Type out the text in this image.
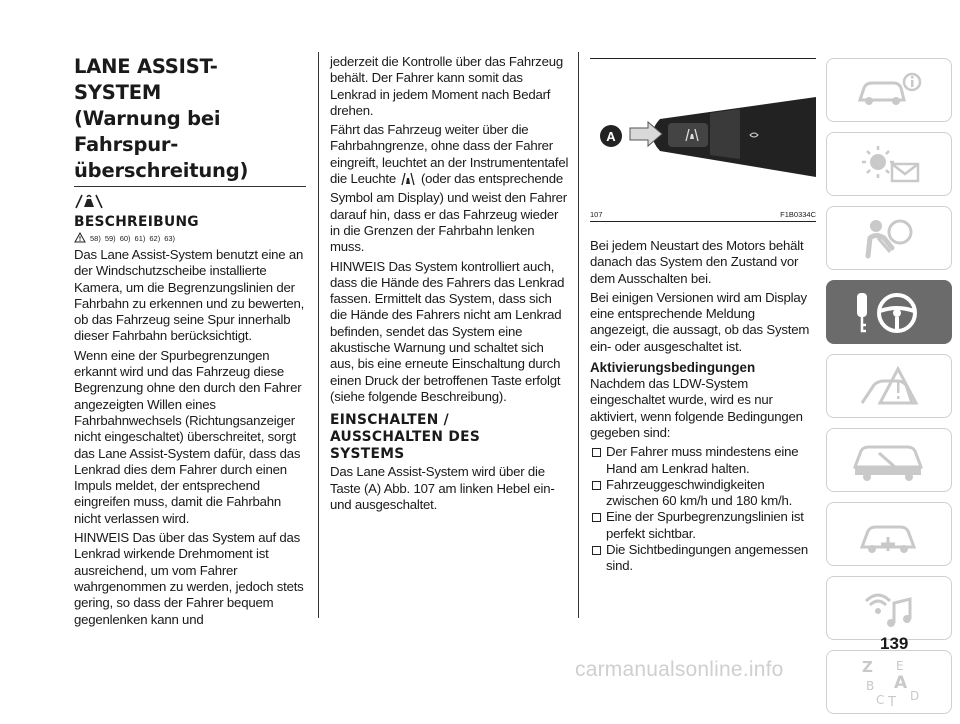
LANE ASSIST-
SYSTEM
(Warnung bei
Fahrspur-
überschreitung)
BESCHREIBUNG
58) 59) 60) 61) 62) 63)

Das Lane Assist-System benutzt eine an der Windschutzscheibe installierte Kamera, um die Begrenzungslinien der Fahrbahn zu erkennen und zu bewerten, ob das Fahrzeug seine Spur innerhalb dieser Fahrbahn berücksichtigt.

Wenn eine der Spurbegrenzungen erkannt wird und das Fahrzeug diese Begrenzung ohne den durch den Fahrer angezeigten Willen eines Fahrbahnwechsels (Richtungsanzeiger nicht eingeschaltet) überschreitet, sorgt das Lane Assist-System dafür, dass das Lenkrad dies dem Fahrer durch einen Impuls meldet, der entsprechend eingreifen muss, damit die Fahrbahn nicht verlassen wird.

HINWEIS Das über das System auf das Lenkrad wirkende Drehmoment ist ausreichend, um vom Fahrer wahrgenommen zu werden, jedoch stets gering, so dass der Fahrer bequem gegenlenken kann und

jederzeit die Kontrolle über das Fahrzeug behält. Der Fahrer kann somit das Lenkrad in jedem Moment nach Bedarf drehen.

Fährt das Fahrzeug weiter über die Fahrbahngrenze, ohne dass der Fahrer eingreift, leuchtet an der Instrumententafel die Leuchte (oder das entsprechende Symbol am Display) und weist den Fahrer darauf hin, dass er das Fahrzeug wieder in die Grenzen der Fahrbahn lenken muss.

HINWEIS Das System kontrolliert auch, dass die Hände des Fahrers das Lenkrad fassen. Ermittelt das System, dass sich die Hände des Fahrers nicht am Lenkrad befinden, sendet das System eine akustische Warnung und schaltet sich aus, bis eine erneute Einschaltung durch einen Druck der betroffenen Taste erfolgt (siehe folgende Beschreibung).

EINSCHALTEN /
AUSSCHALTEN DES
SYSTEMS

Das Lane Assist-System wird über die Taste (A) Abb. 107 am linken Hebel ein- und ausgeschaltet.

A
107	F1B0334C

Bei jedem Neustart des Motors behält danach das System den Zustand vor dem Ausschalten bei.

Bei einigen Versionen wird am Display eine entsprechende Meldung angezeigt, die aussagt, ob das System ein- oder ausgeschaltet ist.

Aktivierungsbedingungen

Nachdem das LDW-System eingeschaltet wurde, wird es nur aktiviert, wenn folgende Bedingungen gegeben sind:

Der Fahrer muss mindestens eine Hand am Lenkrad halten.
Fahrzeuggeschwindigkeiten zwischen 60 km/h und 180 km/h.
Eine der Spurbegrenzungslinien ist perfekt sichtbar.
Die Sichtbedingungen angemessen sind.
Z E
A
B
C T D
139
carmanualsonline.info
